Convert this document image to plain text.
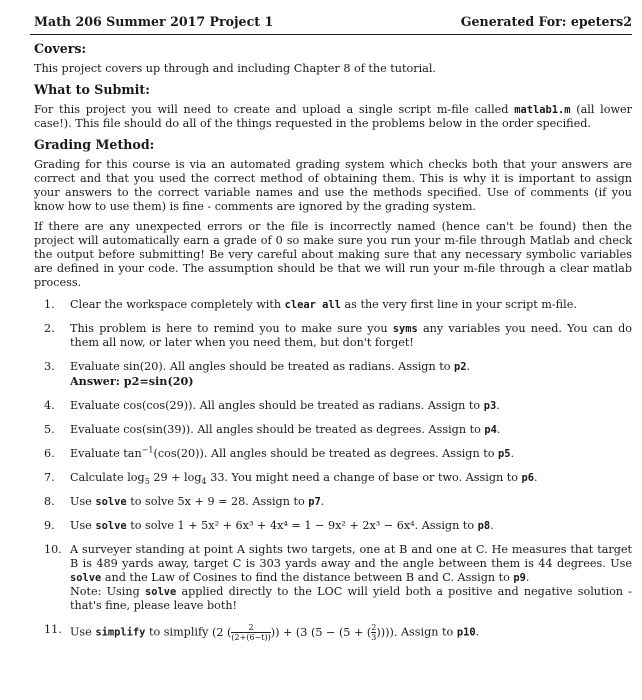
Math 206 Summer 2017 Project 1	Generated For: epeters2
Covers:
This project covers up through and including Chapter 8 of the tutorial.
What to Submit:
For this project you will need to create and upload a single script m-file called matlab1.m (all lower case!). This file should do all of the things requested in the problems below in the order specified.
Grading Method:
Grading for this course is via an automated grading system which checks both that your answers are correct and that you used the correct method of obtaining them. This is why it is important to assign your answers to the correct variable names and use the methods specified. Use of comments (if you know how to use them) is fine - comments are ignored by the grading system.
If there are any unexpected errors or the file is incorrectly named (hence can't be found) then the project will automatically earn a grade of 0 so make sure you run your m-file through Matlab and check the output before submitting! Be very careful about making sure that any necessary symbolic variables are defined in your code. The assumption should be that we will run your m-file through a clear matlab process.
1. Clear the workspace completely with clear all as the very first line in your script m-file.
2. This problem is here to remind you to make sure you syms any variables you need. You can do them all now, or later when you need them, but don't forget!
3. Evaluate sin(20). All angles should be treated as radians. Assign to p2.
Answer: p2=sin(20)
4. Evaluate cos(cos(29)). All angles should be treated as radians. Assign to p3.
5. Evaluate cos(sin(39)). All angles should be treated as degrees. Assign to p4.
6. Evaluate $\tan^{-1}(\cos(20))$. All angles should be treated as degrees. Assign to p5.
7. Calculate $\log_5 29 + \log_4 33$. You might need a change of base or two. Assign to p6.
8. Use solve to solve 5x + 9 = 28. Assign to p7.
9. Use solve to solve 1 + 5x² + 6x³ + 4x⁴ = 1 − 9x² + 2x³ − 6x⁴. Assign to p8.
10. A surveyer standing at point A sights two targets, one at B and one at C. He measures that target B is 489 yards away, target C is 303 yards away and the angle between them is 44 degrees. Use solve and the Law of Cosines to find the distance between B and C. Assign to p9.
Note: Using solve applied directly to the LOC will yield both a positive and negative solution - that's fine, please leave both!
11. Use simplify to simplify (2 ( $\frac{2}{(2+(6-t))}$ )) + (3 (5 − (5 + ( $\frac{2}{3}$ )))). Assign to p10.
